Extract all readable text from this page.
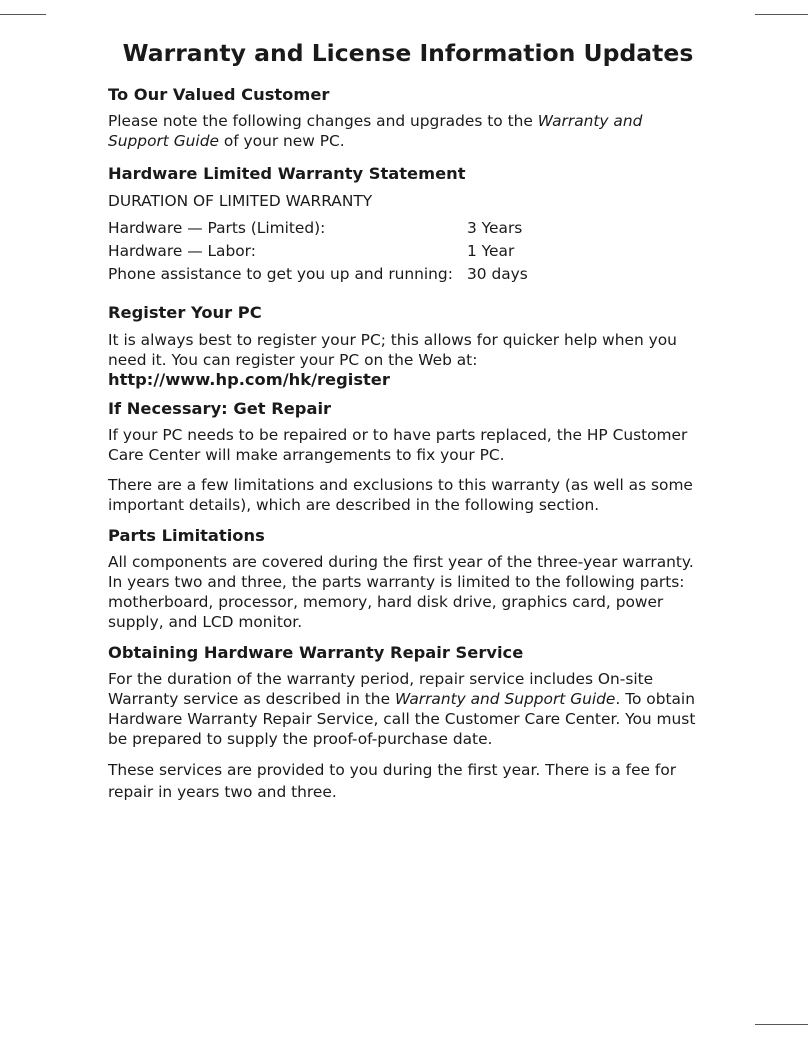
Warranty and License Information Updates
To Our Valued Customer

Please note the following changes and upgrades to the Warranty and Support Guide of your new PC.

Hardware Limited Warranty Statement

DURATION OF LIMITED WARRANTY

Hardware — Parts (Limited):	3 Years
Hardware — Labor:	1 Year
Phone assistance to get you up and running: 30 days
Register Your PC

It is always best to register your PC; this allows for quicker help when you need it. You can register your PC on the Web at:

http://www.hp.com/hk/register
If Necessary: Get Repair

If your PC needs to be repaired or to have parts replaced, the HP Customer Care Center will make arrangements to fix your PC.

There are a few limitations and exclusions to this warranty (as well as some important details), which are described in the following section.

Parts Limitations

All components are covered during the first year of the three-year warranty. In years two and three, the parts warranty is limited to the following parts: motherboard, processor, memory, hard disk drive, graphics card, power supply, and LCD monitor.

Obtaining Hardware Warranty Repair Service

For the duration of the warranty period, repair service includes On-site Warranty service as described in the Warranty and Support Guide. To obtain Hardware Warranty Repair Service, call the Customer Care Center. You must be prepared to supply the proof-of-purchase date.

These services are provided to you during the first year. There is a fee for repair in years two and three.
